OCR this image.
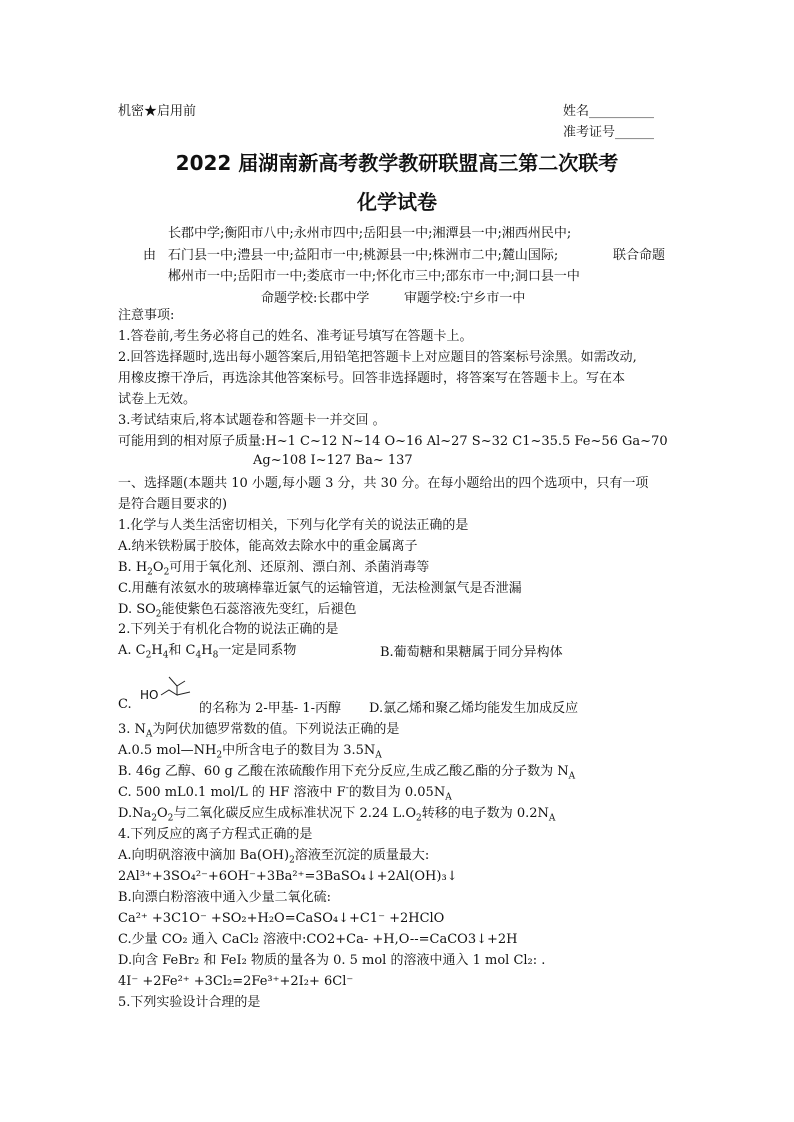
机密★启用前	姓名__________
准考证号______
2022 届湖南新高考教学教研联盟高三第二次联考
化学试卷
长郡中学;衡阳市八中;永州市四中;岳阳县一中;湘潭县一中;湘西州民中;
由 石门县一中;澧县一中;益阳市一中;桃源县一中;株洲市二中;麓山国际;	联合命题
郴州市一中;岳阳市一中;娄底市一中;怀化市三中;邵东市一中;洞口县一中
命题学校:长郡中学	审题学校:宁乡市一中
注意事项:
1.答卷前,考生务必将自己的姓名、准考证号填写在答题卡上。
2.回答选择题时,选出每小题答案后,用铅笔把答题卡上对应题目的答案标号涂黑。如需改动,
用橡皮擦干净后，再选涂其他答案标号。回答非选择题时，将答案写在答题卡上。写在本
试卷上无效。
3.考试结束后,将本试题卷和答题卡一并交回 。
可能用到的相对原子质量:H~1 C~12 N~14 O~16 Al~27 S~32 C1~35.5 Fe~56 Ga~70
Ag~108 I~127 Ba~ 137
一、选择题(本题共 10 小题,每小题 3 分，共 30 分。在每小题给出的四个选项中，只有一项
是符合题目要求的)
1.化学与人类生活密切相关，下列与化学有关的说法正确的是
A.纳米铁粉属于胶体，能高效去除水中的重金属离子
B. $H_2O_2$可用于氧化剂、还原剂、漂白剂、杀菌消毒等
C.用蘸有浓氨水的玻璃棒靠近氯气的运输管道，无法检测氯气是否泄漏
D. $SO_2$能使紫色石蕊溶液先变红，后褪色
2.下列关于有机化合物的说法正确的是
A. $C_2H_4$和 $C_4H_8$一定是同系物	B.葡萄糖和果糖属于同分异构体
C.
HO
的名称为 2-甲基- 1-丙醇 D.氯乙烯和聚乙烯均能发生加成反应
3. $N_A$为阿伏加德罗常数的值。下列说法正确的是
A.0.5 $mol—NH_2$中所含电子的数目为 $3.5N_A$
B. 46g 乙醇、60 g 乙酸在浓硫酸作用下充分反应,生成乙酸乙酯的分子数为 $N_A$
C. 500 mL0.1 mol/L 的 HF 溶液中 F-的数目为 $0.05N_A$
$D.Na_2O_2$与二氧化碳反应生成标准状况下 2.24 $L.O_2$转移的电子数为 $0.2N_A$
4.下列反应的离子方程式正确的是
A.向明矾溶液中滴加 $Ba(OH)_2$溶液至沉淀的质量最大:
2Al³⁺+3SO₄²⁻+6OH⁻+3Ba²⁺=3BaSO₄↓+2Al(OH)₃↓
B.向漂白粉溶液中通入少量二氧化硫:
Ca²⁺ +3C1O⁻ +SO₂+H₂O=CaSO₄↓+C1⁻ +2HClO
C.少量 CO₂ 通入 CaCl₂ 溶液中:CO2+Ca- +H,O--=CaCO3↓+2H
D.向含 FeBr₂ 和 FeI₂ 物质的量各为 0. 5 mol 的溶液中通入 1 mol Cl₂: .
4I⁻ +2Fe²⁺ +3Cl₂=2Fe³⁺+2I₂+ 6Cl⁻
5.下列实验设计合理的是
